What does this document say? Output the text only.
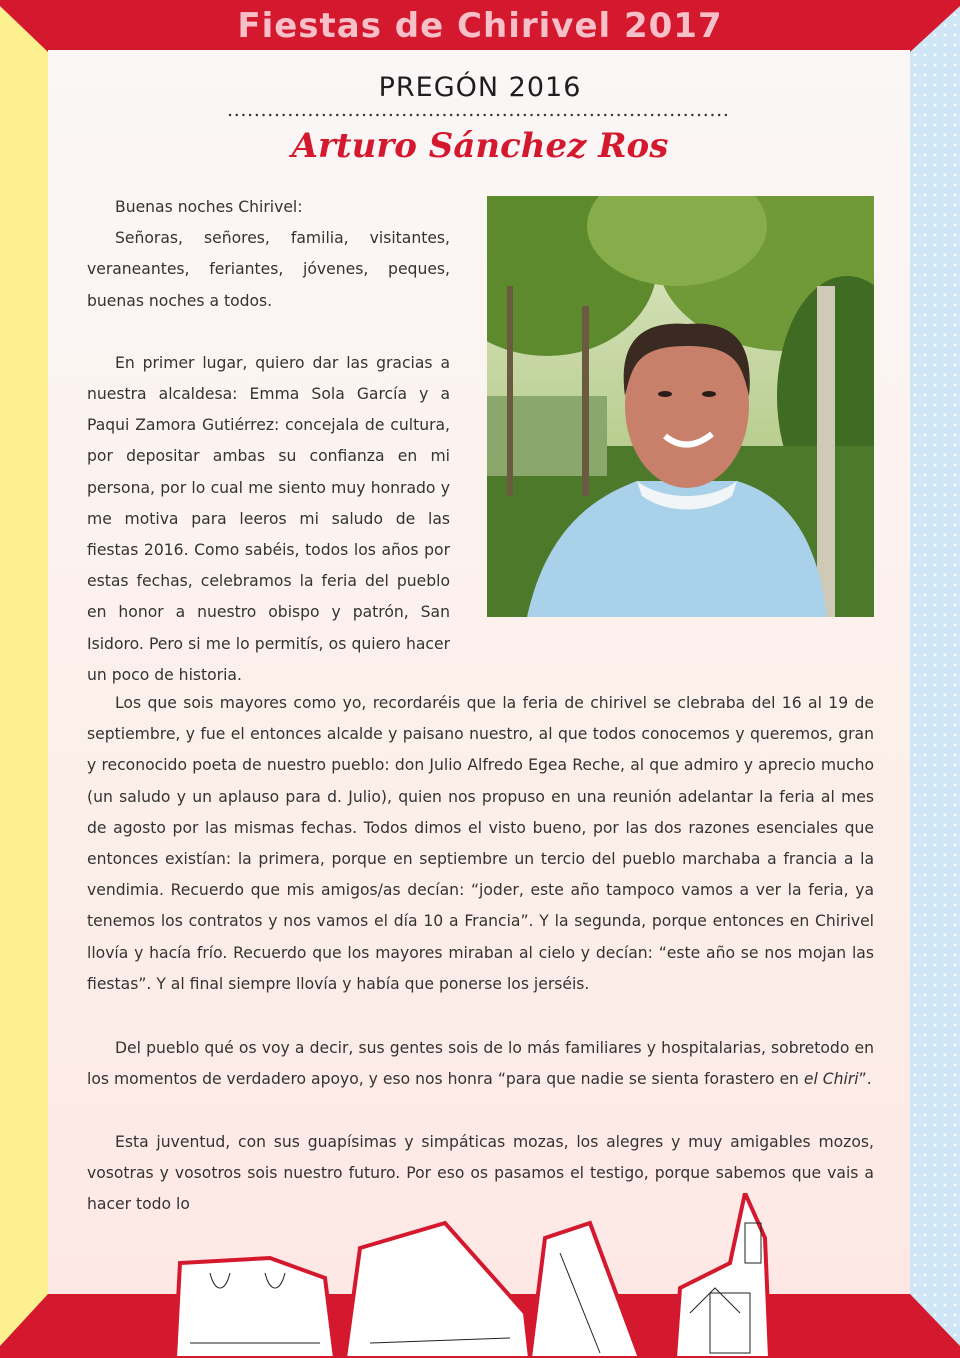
Fiestas de Chirivel 2017
PREGÓN 2016
Arturo Sánchez Ros

Buenas noches Chirivel:

Señoras, señores, familia, visitantes, veraneantes, feriantes, jóvenes, peques, buenas noches a todos.

En primer lugar, quiero dar las gracias a nuestra alcaldesa: Emma Sola García y a Paqui Zamora Gutiérrez: concejala de cultura, por depositar ambas su confianza en mi persona, por lo cual me siento muy honrado y me motiva para leeros mi saludo de las fiestas 2016. Como sabéis, todos los años por estas fechas, celebramos la feria del pueblo en honor a nuestro obispo y patrón, San Isidoro. Pero si me lo permitís, os quiero hacer un poco de historia.

Los que sois mayores como yo, recordaréis que la feria de chirivel se clebraba del 16 al 19 de septiembre, y fue el entonces alcalde y paisano nuestro, al que todos conocemos y queremos, gran y reconocido poeta de nuestro pueblo: don Julio Alfredo Egea Reche, al que admiro y aprecio mucho (un saludo y un aplauso para d. Julio), quien nos propuso en una reunión adelantar la feria al mes de agosto por las mismas fechas. Todos dimos el visto bueno, por las dos razones esenciales que entonces existían: la primera, porque en septiembre un tercio del pueblo marchaba a francia a la vendimia. Recuerdo que mis amigos/as decían: “joder, este año tampoco vamos a ver la feria, ya tenemos los contratos y nos vamos el día 10 a Francia”. Y la segunda, porque entonces en Chirivel llovía y hacía frío. Recuerdo que los mayores miraban al cielo y decían: “este año se nos mojan las fiestas”. Y al final siempre llovía y había que ponerse los jerséis.

Del pueblo qué os voy a decir, sus gentes sois de lo más familiares y hospitalarias, sobretodo en los momentos de verdadero apoyo, y eso nos honra “para que nadie se sienta forastero en el Chiri”.

Esta juventud, con sus guapísimas y simpáticas mozas, los alegres y muy amigables mozos, vosotras y vosotros sois nuestro futuro. Por eso os pasamos el testigo, porque sabemos que vais a hacer todo lo
